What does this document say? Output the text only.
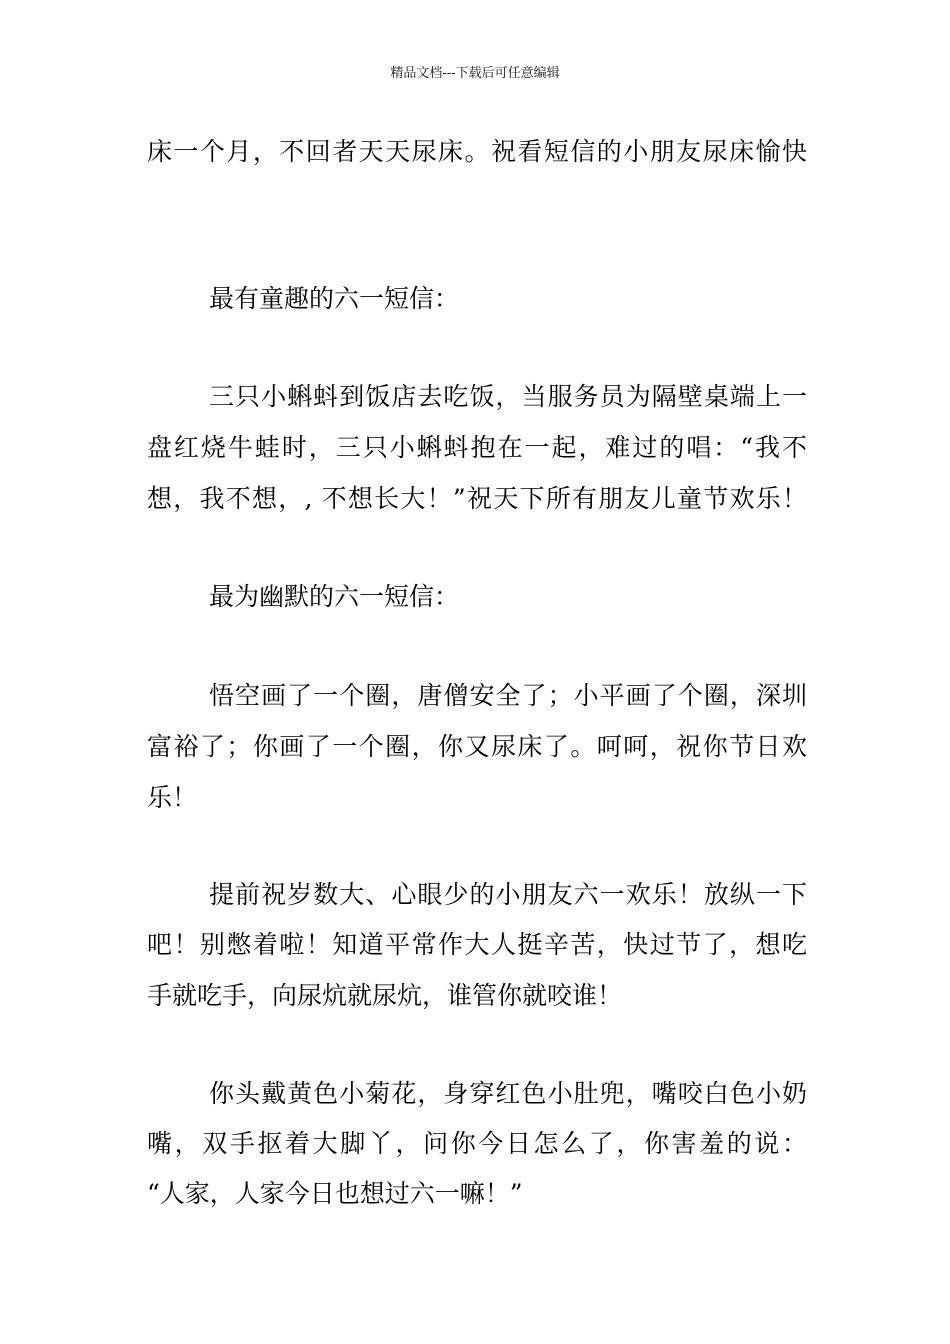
精品文档---下载后可任意编辑
床一个月，不回者天天尿床。祝看短信的小朋友尿床愉快
最有童趣的六一短信：
三只小蝌蚪到饭店去吃饭，当服务员为隔壁桌端上一
盘红烧牛蛙时，三只小蝌蚪抱在一起，难过的唱：“我不
想，我不想，, 不想长大！”祝天下所有朋友儿童节欢乐！
最为幽默的六一短信：
悟空画了一个圈，唐僧安全了；小平画了个圈，深圳
富裕了；你画了一个圈，你又尿床了。呵呵，祝你节日欢
乐！
提前祝岁数大、心眼少的小朋友六一欢乐！放纵一下
吧！别憋着啦！知道平常作大人挺辛苦，快过节了，想吃
手就吃手，向尿炕就尿炕，谁管你就咬谁！
你头戴黄色小菊花，身穿红色小肚兜，嘴咬白色小奶
嘴，双手抠着大脚丫，问你今日怎么了，你害羞的说：
“人家，人家今日也想过六一嘛！”
